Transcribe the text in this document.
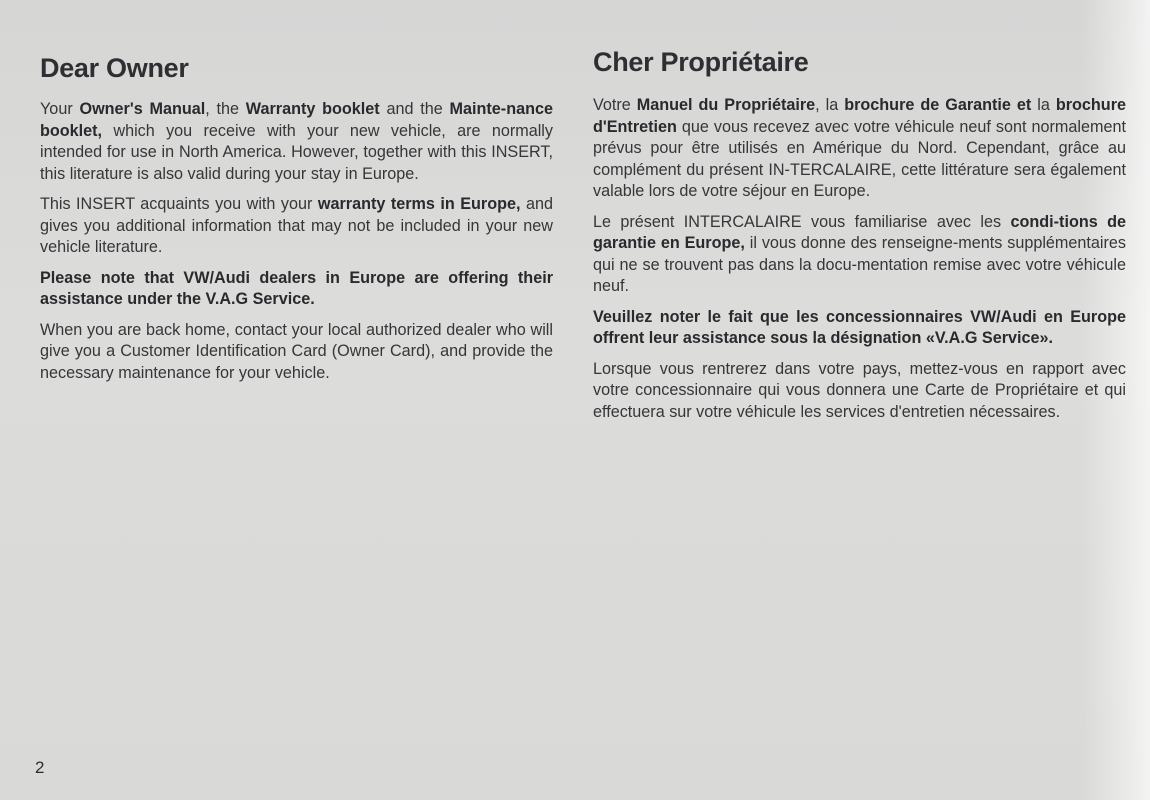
Dear Owner

Your Owner's Manual, the Warranty booklet and the Mainte-nance booklet, which you receive with your new vehicle, are normally intended for use in North America. However, together with this INSERT, this literature is also valid during your stay in Europe.

This INSERT acquaints you with your warranty terms in Europe, and gives you additional information that may not be included in your new vehicle literature.

Please note that VW/Audi dealers in Europe are offering their assistance under the V.A.G Service.

When you are back home, contact your local authorized dealer who will give you a Customer Identification Card (Owner Card), and provide the necessary maintenance for your vehicle.

Cher Propriétaire

Votre Manuel du Propriétaire, la brochure de Garantie et la brochure d'Entretien que vous recevez avec votre véhicule neuf sont normalement prévus pour être utilisés en Amérique du Nord. Cependant, grâce au complément du présent IN-TERCALAIRE, cette littérature sera également valable lors de votre séjour en Europe.

Le présent INTERCALAIRE vous familiarise avec les condi-tions de garantie en Europe, il vous donne des renseigne-ments supplémentaires qui ne se trouvent pas dans la docu-mentation remise avec votre véhicule neuf.

Veuillez noter le fait que les concessionnaires VW/Audi en Europe offrent leur assistance sous la désignation «V.A.G Service».

Lorsque vous rentrerez dans votre pays, mettez-vous en rapport avec votre concessionnaire qui vous donnera une Carte de Propriétaire et qui effectuera sur votre véhicule les services d'entretien nécessaires.

2
